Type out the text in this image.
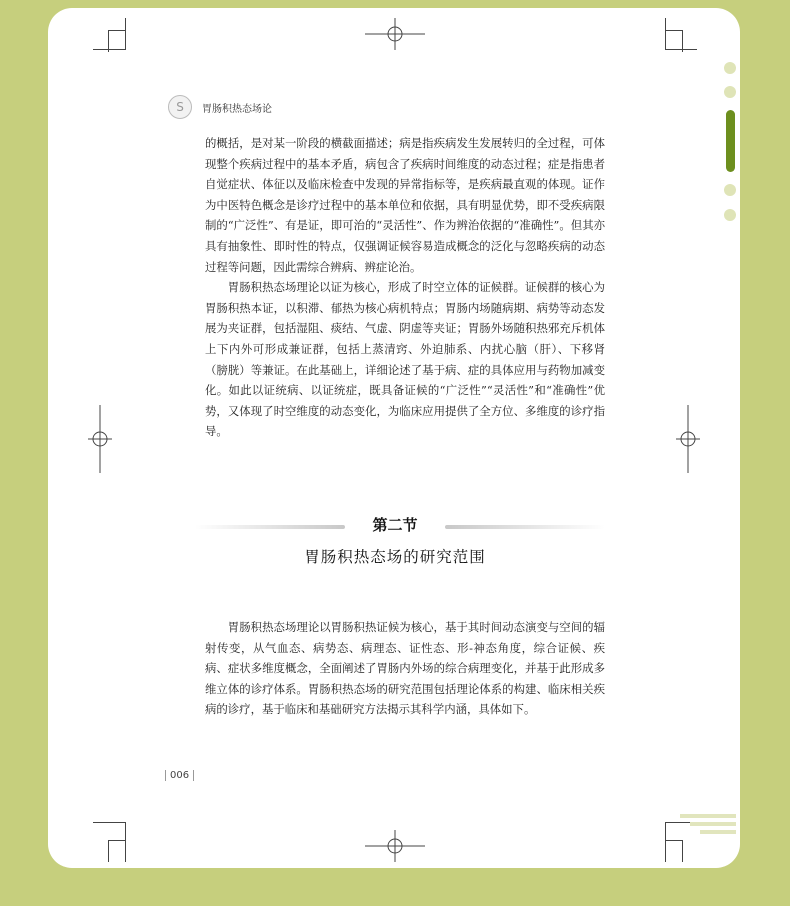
S	胃肠积热态场论

的概括，是对某一阶段的横截面描述；病是指疾病发生发展转归的全过程，可体现整个疾病过程中的基本矛盾，病包含了疾病时间维度的动态过程；症是指患者自觉症状、体征以及临床检查中发现的异常指标等，是疾病最直观的体现。证作为中医特色概念是诊疗过程中的基本单位和依据，具有明显优势，即不受疾病限制的“广泛性”、有是证，即可治的“灵活性”、作为辨治依据的“准确性”。但其亦具有抽象性、即时性的特点，仅强调证候容易造成概念的泛化与忽略疾病的动态过程等问题，因此需综合辨病、辨症论治。

胃肠积热态场理论以证为核心，形成了时空立体的证候群。证候群的核心为胃肠积热本证，以积滞、郁热为核心病机特点；胃肠内场随病期、病势等动态发展为夹证群，包括湿阻、痰结、气虚、阴虚等夹证；胃肠外场随积热邪充斥机体上下内外可形成兼证群，包括上蒸清窍、外迫肺系、内扰心脑（肝）、下移肾（膀胱）等兼证。在此基础上，详细论述了基于病、症的具体应用与药物加减变化。如此以证统病、以证统症，既具备证候的“广泛性”“灵活性”和“准确性”优势，又体现了时空维度的动态变化，为临床应用提供了全方位、多维度的诊疗指导。

第二节
胃肠积热态场的研究范围

胃肠积热态场理论以胃肠积热证候为核心，基于其时间动态演变与空间的辐射传变，从气血态、病势态、病理态、证性态、形-神态角度，综合证候、疾病、症状多维度概念，全面阐述了胃肠内外场的综合病理变化，并基于此形成多维立体的诊疗体系。胃肠积热态场的研究范围包括理论体系的构建、临床相关疾病的诊疗，基于临床和基础研究方法揭示其科学内涵，具体如下。

006
